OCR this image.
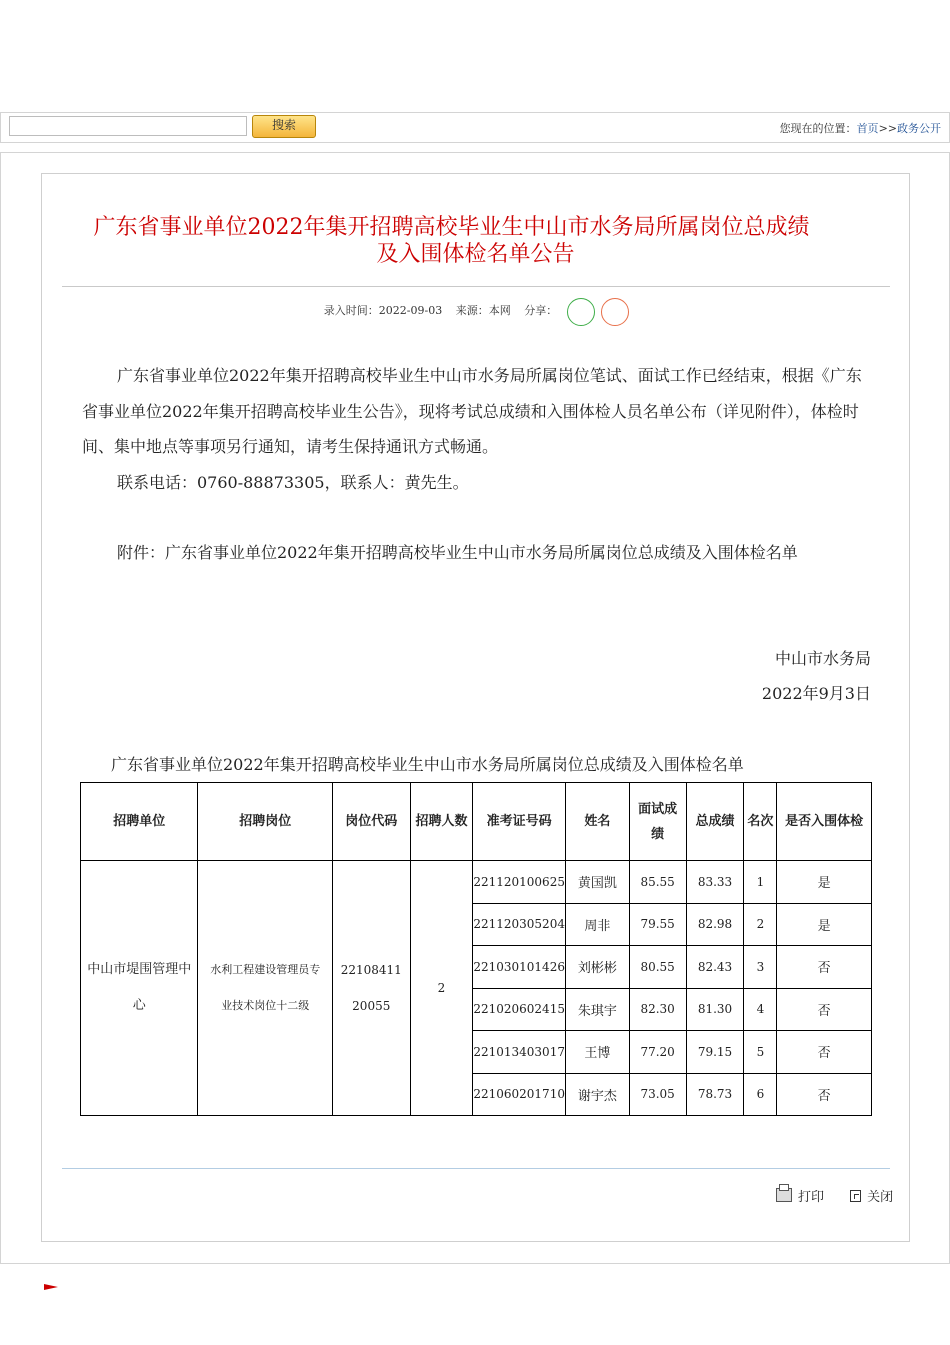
搜索	您现在的位置：首页>>政务公开
广东省事业单位2022年集开招聘高校毕业生中山市水务局所属岗位总成绩
及入围体检名单公告
录入时间：2022-09-03 来源：本网 分享：

广东省事业单位2022年集开招聘高校毕业生中山市水务局所属岗位笔试、面试工作已经结束，根据《广东省事业单位2022年集开招聘高校毕业生公告》，现将考试总成绩和入围体检人员名单公布（详见附件），体检时间、集中地点等事项另行通知，请考生保持通讯方式畅通。

联系电话：0760-88873305，联系人：黄先生。

附件：广东省事业单位2022年集开招聘高校毕业生中山市水务局所属岗位总成绩及入围体检名单

中山市水务局
2022年9月3日
广东省事业单位2022年集开招聘高校毕业生中山市水务局所属岗位总成绩及入围体检名单
招聘单位	招聘岗位	岗位代码	招聘人数	准考证号码	姓名	面试成绩	总成绩	名次	是否入围体检
中山市堤围管理中心	水利工程建设管理员专业技术岗位十二级	2210841120055	2	221120100625	黄国凯	85.55	83.33	1	是
				221120305204	周非	79.55	82.98	2	是
				221030101426	刘彬彬	80.55	82.43	3	否
				221020602415	朱琪宇	82.30	81.30	4	否
				221013403017	王博	77.20	79.15	5	否
				221060201710	谢宇杰	73.05	78.73	6	否
打印	关闭
